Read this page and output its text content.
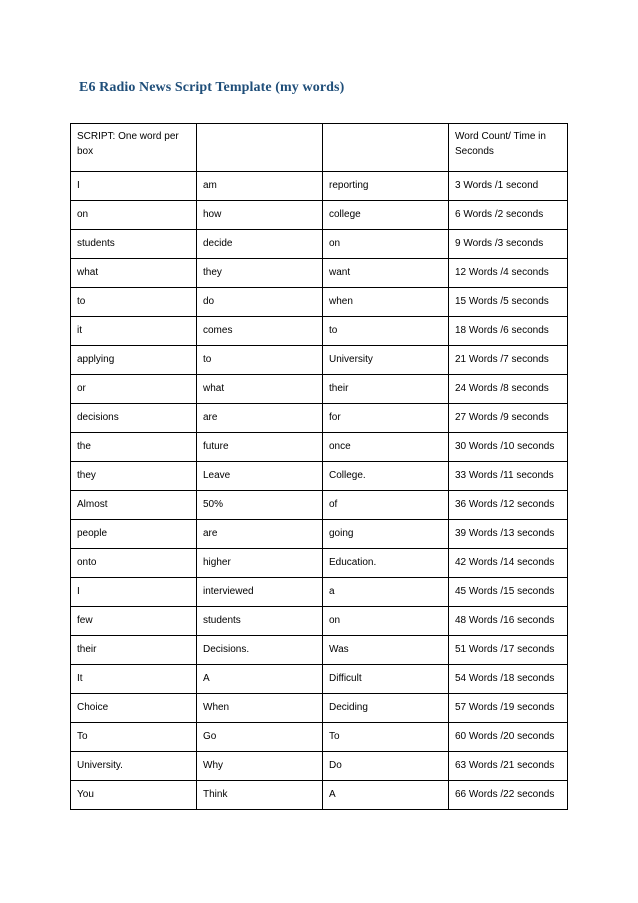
E6 Radio News Script Template (my words)
SCRIPT: One word per box			Word Count/ Time in Seconds
I	am	reporting	3 Words /1 second
on	how	college	6 Words /2 seconds
students	decide	on	9 Words /3 seconds
what	they	want	12 Words /4 seconds
to	do	when	15 Words /5 seconds
it	comes	to	18 Words /6 seconds
applying	to	University	21 Words /7 seconds
or	what	their	24 Words /8 seconds
decisions	are	for	27 Words /9 seconds
the	future	once	30 Words /10 seconds
they	Leave	College.	33 Words /11 seconds
Almost	50%	of	36 Words /12 seconds
people	are	going	39 Words /13 seconds
onto	higher	Education.	42 Words /14 seconds
I	interviewed	a	45 Words /15 seconds
few	students	on	48 Words /16 seconds
their	Decisions.	Was	51 Words /17 seconds
It	A	Difficult	54 Words /18 seconds
Choice	When	Deciding	57 Words /19 seconds
To	Go	To	60 Words /20 seconds
University.	Why	Do	63 Words /21 seconds
You	Think	A	66 Words /22 seconds
